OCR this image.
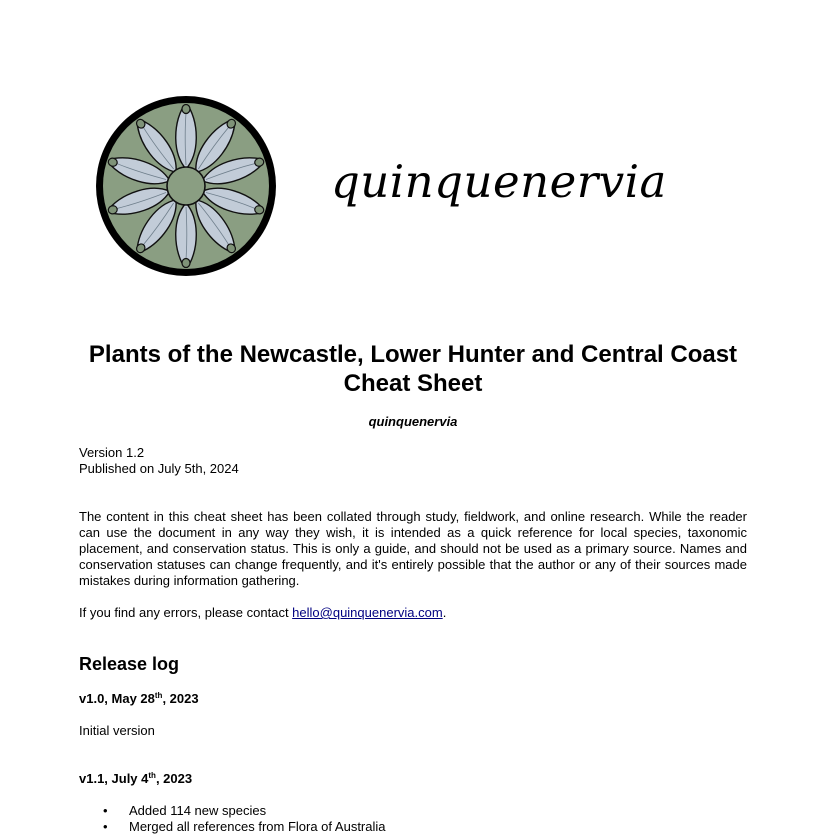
quinquenervia
Plants of the Newcastle, Lower Hunter and Central Coast Cheat Sheet
quinquenervia
Version 1.2
Published on July 5th, 2024

The content in this cheat sheet has been collated through study, fieldwork, and online research. While the reader can use the document in any way they wish, it is intended as a quick reference for local species, taxonomic placement, and conservation status. This is only a guide, and should not be used as a primary source. Names and conservation statuses can change frequently, and it's entirely possible that the author or any of their sources made mistakes during information gathering.

If you find any errors, please contact hello@quinquenervia.com.

Release log
v1.0, May 28th, 2023

Initial version

v1.1, July 4th, 2023
• Added 114 new species
• Merged all references from Flora of Australia
